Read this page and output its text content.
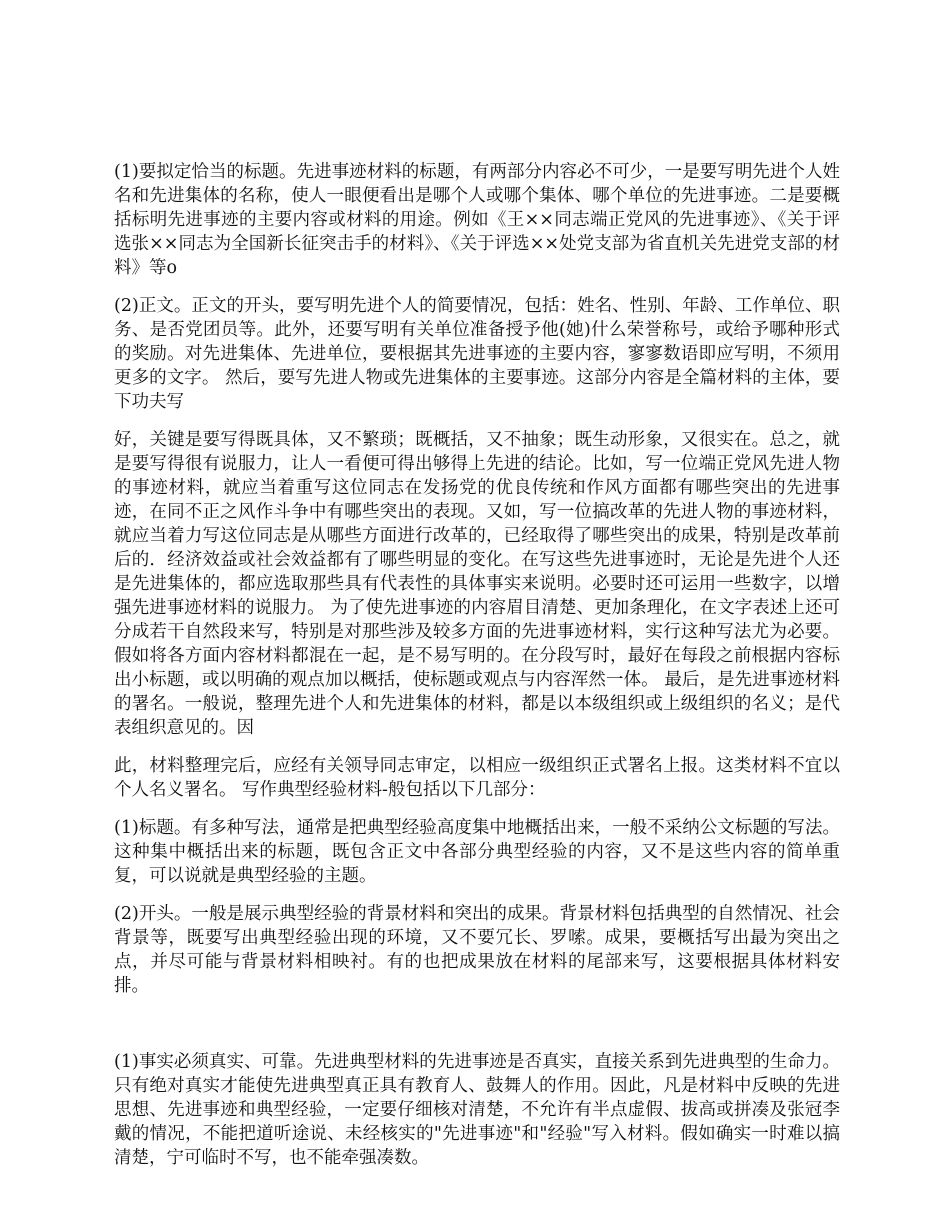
(1)要拟定恰当的标题。先进事迹材料的标题，有两部分内容必不可少，一是要写明先进个人姓名和先进集体的名称，使人一眼便看出是哪个人或哪个集体、哪个单位的先进事迹。二是要概括标明先进事迹的主要内容或材料的用途。例如《王××同志端正党风的先进事迹》、《关于评选张××同志为全国新长征突击手的材料》、《关于评选××处党支部为省直机关先进党支部的材料》等o

(2)正文。正文的开头，要写明先进个人的简要情况，包括：姓名、性别、年龄、工作单位、职务、是否党团员等。此外，还要写明有关单位准备授予他(她)什么荣誉称号，或给予哪种形式的奖励。对先进集体、先进单位，要根据其先进事迹的主要内容，寥寥数语即应写明，不须用更多的文字。 然后，要写先进人物或先进集体的主要事迹。这部分内容是全篇材料的主体，要下功夫写

好，关键是要写得既具体，又不繁琐；既概括，又不抽象；既生动形象，又很实在。总之，就是要写得很有说服力，让人一看便可得出够得上先进的结论。比如，写一位端正党风先进人物的事迹材料，就应当着重写这位同志在发扬党的优良传统和作风方面都有哪些突出的先进事迹，在同不正之风作斗争中有哪些突出的表现。又如，写一位搞改革的先进人物的事迹材料，就应当着力写这位同志是从哪些方面进行改革的，已经取得了哪些突出的成果，特别是改革前后的．经济效益或社会效益都有了哪些明显的变化。在写这些先进事迹时，无论是先进个人还是先进集体的，都应选取那些具有代表性的具体事实来说明。必要时还可运用一些数字，以增强先进事迹材料的说服力。 为了使先进事迹的内容眉目清楚、更加条理化，在文字表述上还可分成若干自然段来写，特别是对那些涉及较多方面的先进事迹材料，实行这种写法尤为必要。假如将各方面内容材料都混在一起，是不易写明的。在分段写时，最好在每段之前根据内容标出小标题，或以明确的观点加以概括，使标题或观点与内容浑然一体。 最后，是先进事迹材料的署名。一般说，整理先进个人和先进集体的材料，都是以本级组织或上级组织的名义；是代表组织意见的。因

此，材料整理完后，应经有关领导同志审定，以相应一级组织正式署名上报。这类材料不宜以个人名义署名。 写作典型经验材料-般包括以下几部分：

(1)标题。有多种写法，通常是把典型经验高度集中地概括出来，一般不采纳公文标题的写法。这种集中概括出来的标题，既包含正文中各部分典型经验的内容，又不是这些内容的简单重复，可以说就是典型经验的主题。

(2)开头。一般是展示典型经验的背景材料和突出的成果。背景材料包括典型的自然情况、社会背景等，既要写出典型经验出现的环境，又不要冗长、罗嗦。成果，要概括写出最为突出之点，并尽可能与背景材料相映衬。有的也把成果放在材料的尾部来写，这要根据具体材料安排。

(1)事实必须真实、可靠。先进典型材料的先进事迹是否真实，直接关系到先进典型的生命力。只有绝对真实才能使先进典型真正具有教育人、鼓舞人的作用。因此，凡是材料中反映的先进思想、先进事迹和典型经验，一定要仔细核对清楚，不允许有半点虚假、拔高或拼凑及张冠李戴的情况，不能把道听途说、未经核实的"先进事迹"和"经验"写入材料。假如确实一时难以搞清楚，宁可临时不写，也不能牵强凑数。
